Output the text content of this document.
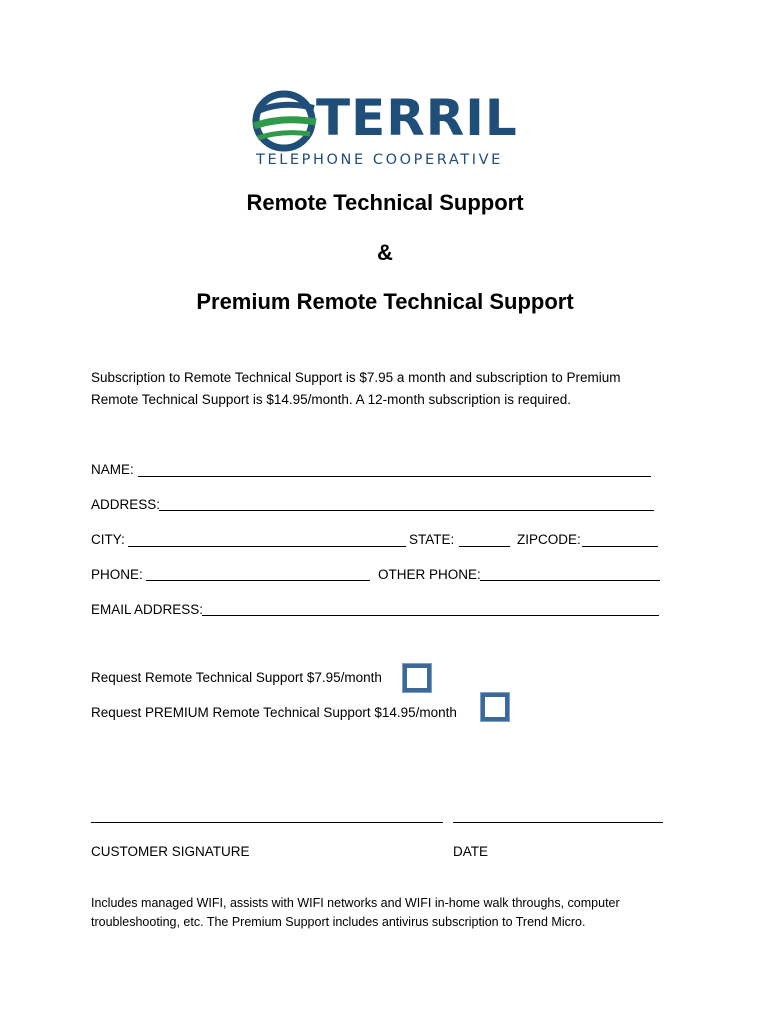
TERRIL
TELEPHONE COOPERATIVE
Remote Technical Support
&
Premium Remote Technical Support
Subscription to Remote Technical Support is $7.95 a month and subscription to Premium
Remote Technical Support is $14.95/month. A 12-month subscription is required.
NAME:
ADDRESS:
CITY:	STATE:	ZIPCODE:
PHONE:	OTHER PHONE:
EMAIL ADDRESS:
Request Remote Technical Support $7.95/month
Request PREMIUM Remote Technical Support $14.95/month
CUSTOMER SIGNATURE	DATE
Includes managed WIFI, assists with WIFI networks and WIFI in-home walk throughs, computer
troubleshooting, etc. The Premium Support includes antivirus subscription to Trend Micro.
